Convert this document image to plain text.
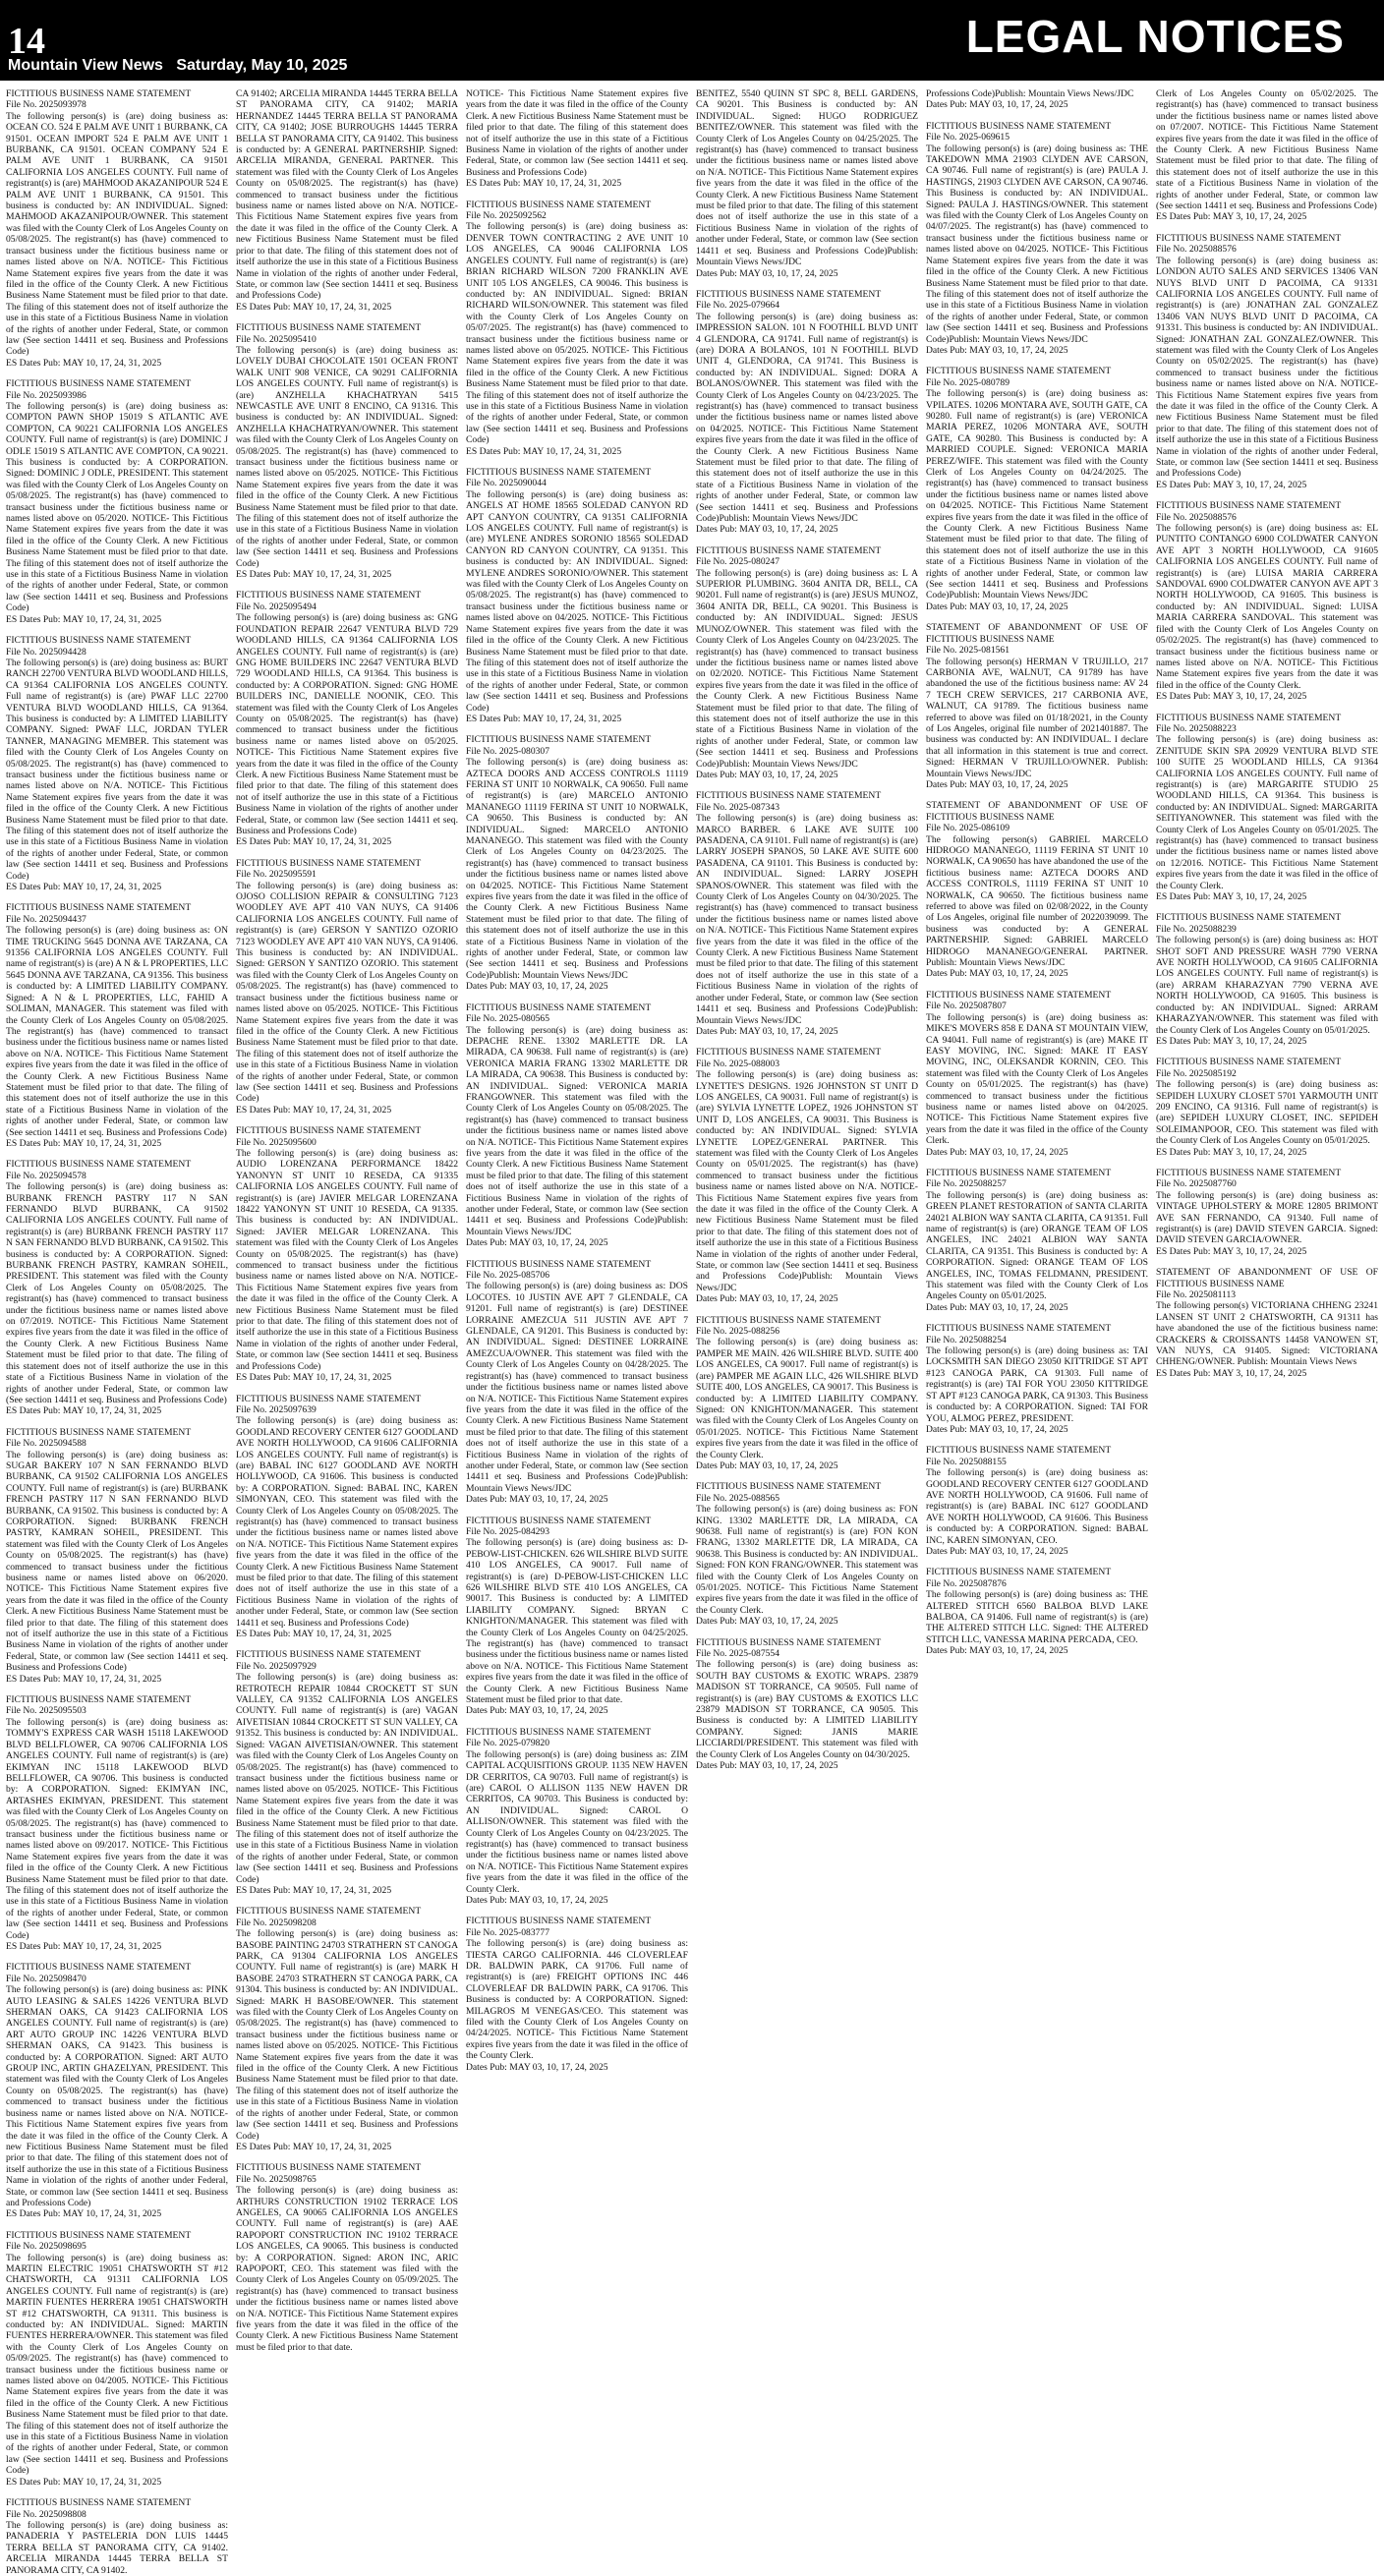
14	LEGAL NOTICES
Mountain View News Saturday, May 10, 2025

FICTITIOUS BUSINESS NAME STATEMENT

File No. 2025093978

The following person(s) is (are) doing business as: OCEAN CO. 524 E PALM AVE UNIT 1 BURBANK, CA 91501. OCEAN IMPORT 524 E PALM AVE UNIT 1 BURBANK, CA 91501. OCEAN COMPANY 524 E PALM AVE UNIT 1 BURBANK, CA 91501 CALIFORNIA LOS ANGELES COUNTY. Full name of registrant(s) is (are) MAHMOOD AKAZANIPOUR 524 E PALM AVE UNIT 1 BURBANK, CA 91501. This business is conducted by: AN INDIVIDUAL. Signed: MAHMOOD AKAZANIPOUR/OWNER. This statement was filed with the County Clerk of Los Angeles County on 05/08/2025. The registrant(s) has (have) commenced to transact business under the fictitious business name or names listed above on N/A. NOTICE- This Fictitious Name Statement expires five years from the date it was filed in the office of the County Clerk. A new Fictitious Business Name Statement must be filed prior to that date. The filing of this statement does not of itself authorize the use in this state of a Fictitious Business Name in violation of the rights of another under Federal, State, or common law (See section 14411 et seq. Business and Professions Code)

ES Dates Pub: MAY 10, 17, 24, 31, 2025

FICTITIOUS BUSINESS NAME STATEMENT

File No. 2025093986

The following person(s) is (are) doing business as: COMPTON PAWN SHOP 15019 S ATLANTIC AVE COMPTON, CA 90221 CALIFORNIA LOS ANGELES COUNTY. Full name of registrant(s) is (are) DOMINIC J ODLE 15019 S ATLANTIC AVE COMPTON, CA 90221. This business is conducted by: A CORPORATION. Signed: DOMINIC J ODLE, PRESIDENT. This statement was filed with the County Clerk of Los Angeles County on 05/08/2025. The registrant(s) has (have) commenced to transact business under the fictitious business name or names listed above on 05/2020. NOTICE- This Fictitious Name Statement expires five years from the date it was filed in the office of the County Clerk. A new Fictitious Business Name Statement must be filed prior to that date. The filing of this statement does not of itself authorize the use in this state of a Fictitious Business Name in violation of the rights of another under Federal, State, or common law (See section 14411 et seq. Business and Professions Code)

ES Dates Pub: MAY 10, 17, 24, 31, 2025

FICTITIOUS BUSINESS NAME STATEMENT

File No. 2025094428

The following person(s) is (are) doing business as: BURT RANCH 22700 VENTURA BLVD WOODLAND HILLS, CA 91364 CALIFORNIA LOS ANGELES COUNTY. Full name of registrant(s) is (are) PWAF LLC 22700 VENTURA BLVD WOODLAND HILLS, CA 91364. This business is conducted by: A LIMITED LIABILITY COMPANY. Signed: PWAF LLC, JORDAN TYLER TANNER, MANAGING MEMBER. This statement was filed with the County Clerk of Los Angeles County on 05/08/2025. The registrant(s) has (have) commenced to transact business under the fictitious business name or names listed above on N/A. NOTICE- This Fictitious Name Statement expires five years from the date it was filed in the office of the County Clerk. A new Fictitious Business Name Statement must be filed prior to that date. The filing of this statement does not of itself authorize the use in this state of a Fictitious Business Name in violation of the rights of another under Federal, State, or common law (See section 14411 et seq. Business and Professions Code)

ES Dates Pub: MAY 10, 17, 24, 31, 2025

FICTITIOUS BUSINESS NAME STATEMENT

File No. 2025094437

The following person(s) is (are) doing business as: ON TIME TRUCKING 5645 DONNA AVE TARZANA, CA 91356 CALIFORNIA LOS ANGELES COUNTY. Full name of registrant(s) is (are) A N & L PROPERTIES, LLC 5645 DONNA AVE TARZANA, CA 91356. This business is conducted by: A LIMITED LIABILITY COMPANY. Signed: A N & L PROPERTIES, LLC, FAHID A SOLIMAN, MANAGER. This statement was filed with the County Clerk of Los Angeles County on 05/08/2025. The registrant(s) has (have) commenced to transact business under the fictitious business name or names listed above on N/A. NOTICE- This Fictitious Name Statement expires five years from the date it was filed in the office of the County Clerk. A new Fictitious Business Name Statement must be filed prior to that date. The filing of this statement does not of itself authorize the use in this state of a Fictitious Business Name in violation of the rights of another under Federal, State, or common law (See section 14411 et seq. Business and Professions Code)

ES Dates Pub: MAY 10, 17, 24, 31, 2025

FICTITIOUS BUSINESS NAME STATEMENT

File No. 2025094578

The following person(s) is (are) doing business as: BURBANK FRENCH PASTRY 117 N SAN FERNANDO BLVD BURBANK, CA 91502 CALIFORNIA LOS ANGELES COUNTY. Full name of registrant(s) is (are) BURBANK FRENCH PASTRY 117 N SAN FERNANDO BLVD BURBANK, CA 91502. This business is conducted by: A CORPORATION. Signed: BURBANK FRENCH PASTRY, KAMRAN SOHEIL, PRESIDENT. This statement was filed with the County Clerk of Los Angeles County on 05/08/2025. The registrant(s) has (have) commenced to transact business under the fictitious business name or names listed above on 07/2019. NOTICE- This Fictitious Name Statement expires five years from the date it was filed in the office of the County Clerk. A new Fictitious Business Name Statement must be filed prior to that date. The filing of this statement does not of itself authorize the use in this state of a Fictitious Business Name in violation of the rights of another under Federal, State, or common law (See section 14411 et seq. Business and Professions Code)

ES Dates Pub: MAY 10, 17, 24, 31, 2025

FICTITIOUS BUSINESS NAME STATEMENT

File No. 2025094588

The following person(s) is (are) doing business as: SUGAR BAKERY 107 N SAN FERNANDO BLVD BURBANK, CA 91502 CALIFORNIA LOS ANGELES COUNTY. Full name of registrant(s) is (are) BURBANK FRENCH PASTRY 117 N SAN FERNANDO BLVD BURBANK, CA 91502. This business is conducted by: A CORPORATION. Signed: BURBANK FRENCH PASTRY, KAMRAN SOHEIL, PRESIDENT. This statement was filed with the County Clerk of Los Angeles County on 05/08/2025. The registrant(s) has (have) commenced to transact business under the fictitious business name or names listed above on 06/2020. NOTICE- This Fictitious Name Statement expires five years from the date it was filed in the office of the County Clerk. A new Fictitious Business Name Statement must be filed prior to that date. The filing of this statement does not of itself authorize the use in this state of a Fictitious Business Name in violation of the rights of another under Federal, State, or common law (See section 14411 et seq. Business and Professions Code)

ES Dates Pub: MAY 10, 17, 24, 31, 2025

FICTITIOUS BUSINESS NAME STATEMENT

File No. 2025095503

The following person(s) is (are) doing business as: TOMMY'S EXPRESS CAR WASH 15118 LAKEWOOD BLVD BELLFLOWER, CA 90706 CALIFORNIA LOS ANGELES COUNTY. Full name of registrant(s) is (are) EKIMYAN INC 15118 LAKEWOOD BLVD BELLFLOWER, CA 90706. This business is conducted by: A CORPORATION. Signed: EKIMYAN INC, ARTASHES EKIMYAN, PRESIDENT. This statement was filed with the County Clerk of Los Angeles County on 05/08/2025. The registrant(s) has (have) commenced to transact business under the fictitious business name or names listed above on 09/2017. NOTICE- This Fictitious Name Statement expires five years from the date it was filed in the office of the County Clerk. A new Fictitious Business Name Statement must be filed prior to that date. The filing of this statement does not of itself authorize the use in this state of a Fictitious Business Name in violation of the rights of another under Federal, State, or common law (See section 14411 et seq. Business and Professions Code)

ES Dates Pub: MAY 10, 17, 24, 31, 2025

FICTITIOUS BUSINESS NAME STATEMENT

File No. 2025098470

The following person(s) is (are) doing business as: PINK AUTO LEASING & SALES 14226 VENTURA BLVD SHERMAN OAKS, CA 91423 CALIFORNIA LOS ANGELES COUNTY. Full name of registrant(s) is (are) ART AUTO GROUP INC 14226 VENTURA BLVD SHERMAN OAKS, CA 91423. This business is conducted by: A CORPORATION. Signed: ART AUTO GROUP INC, ARTIN GHAZELYAN, PRESIDENT. This statement was filed with the County Clerk of Los Angeles County on 05/08/2025. The registrant(s) has (have) commenced to transact business under the fictitious business name or names listed above on N/A. NOTICE- This Fictitious Name Statement expires five years from the date it was filed in the office of the County Clerk. A new Fictitious Business Name Statement must be filed prior to that date. The filing of this statement does not of itself authorize the use in this state of a Fictitious Business Name in violation of the rights of another under Federal, State, or common law (See section 14411 et seq. Business and Professions Code)

ES Dates Pub: MAY 10, 17, 24, 31, 2025

FICTITIOUS BUSINESS NAME STATEMENT

File No. 2025098695

The following person(s) is (are) doing business as: MARTIN ELECTRIC 19051 CHATSWORTH ST #12 CHATSWORTH, CA 91311 CALIFORNIA LOS ANGELES COUNTY. Full name of registrant(s) is (are) MARTIN FUENTES HERRERA 19051 CHATSWORTH ST #12 CHATSWORTH, CA 91311. This business is conducted by: AN INDIVIDUAL. Signed: MARTIN FUENTES HERRERA/OWNER. This statement was filed with the County Clerk of Los Angeles County on 05/09/2025. The registrant(s) has (have) commenced to transact business under the fictitious business name or names listed above on 04/2005. NOTICE- This Fictitious Name Statement expires five years from the date it was filed in the office of the County Clerk. A new Fictitious Business Name Statement must be filed prior to that date. The filing of this statement does not of itself authorize the use in this state of a Fictitious Business Name in violation of the rights of another under Federal, State, or common law (See section 14411 et seq. Business and Professions Code)

ES Dates Pub: MAY 10, 17, 24, 31, 2025

FICTITIOUS BUSINESS NAME STATEMENT

File No. 2025098808

The following person(s) is (are) doing business as: PANADERIA Y PASTELERIA DON LUIS 14445 TERRA BELLA ST PANORAMA CITY, CA 91402. ARCELIA MIRANDA 14445 TERRA BELLA ST PANORAMA CITY, CA 91402.

CA 91402; ARCELIA MIRANDA 14445 TERRA BELLA ST PANORAMA CITY, CA 91402; MARIA HERNANDEZ 14445 TERRA BELLA ST PANORAMA CITY, CA 91402; JOSE BURROUGHS 14445 TERRA BELLA ST PANORAMA CITY, CA 91402. This business is conducted by: A GENERAL PARTNERSHIP. Signed: ARCELIA MIRANDA, GENERAL PARTNER. This statement was filed with the County Clerk of Los Angeles County on 05/08/2025. The registrant(s) has (have) commenced to transact business under the fictitious business name or names listed above on N/A. NOTICE- This Fictitious Name Statement expires five years from the date it was filed in the office of the County Clerk. A new Fictitious Business Name Statement must be filed prior to that date. The filing of this statement does not of itself authorize the use in this state of a Fictitious Business Name in violation of the rights of another under Federal, State, or common law (See section 14411 et seq. Business and Professions Code)

ES Dates Pub: MAY 10, 17, 24, 31, 2025

FICTITIOUS BUSINESS NAME STATEMENT

File No. 2025095410

The following person(s) is (are) doing business as: LOVELY DUBAI CHOCOLATE 1501 OCEAN FRONT WALK UNIT 908 VENICE, CA 90291 CALIFORNIA LOS ANGELES COUNTY. Full name of registrant(s) is (are) ANZHELLA KHACHATRYAN 5415 NEWCASTLE AVE UNIT 8 ENCINO, CA 91316. This business is conducted by: AN INDIVIDUAL. Signed: ANZHELLA KHACHATRYAN/OWNER. This statement was filed with the County Clerk of Los Angeles County on 05/08/2025. The registrant(s) has (have) commenced to transact business under the fictitious business name or names listed above on 05/2025. NOTICE- This Fictitious Name Statement expires five years from the date it was filed in the office of the County Clerk. A new Fictitious Business Name Statement must be filed prior to that date. The filing of this statement does not of itself authorize the use in this state of a Fictitious Business Name in violation of the rights of another under Federal, State, or common law (See section 14411 et seq. Business and Professions Code)

ES Dates Pub: MAY 10, 17, 24, 31, 2025

FICTITIOUS BUSINESS NAME STATEMENT

File No. 2025095494

The following person(s) is (are) doing business as: GNG FOUNDATION REPAIR 22647 VENTURA BLVD 729 WOODLAND HILLS, CA 91364 CALIFORNIA LOS ANGELES COUNTY. Full name of registrant(s) is (are) GNG HOME BUILDERS INC 22647 VENTURA BLVD 729 WOODLAND HILLS, CA 91364. This business is conducted by: A CORPORATION. Signed: GNG HOME BUILDERS INC, DANIELLE NOONIK, CEO. This statement was filed with the County Clerk of Los Angeles County on 05/08/2025. The registrant(s) has (have) commenced to transact business under the fictitious business name or names listed above on 05/2025. NOTICE- This Fictitious Name Statement expires five years from the date it was filed in the office of the County Clerk. A new Fictitious Business Name Statement must be filed prior to that date. The filing of this statement does not of itself authorize the use in this state of a Fictitious Business Name in violation of the rights of another under Federal, State, or common law (See section 14411 et seq. Business and Professions Code)

ES Dates Pub: MAY 10, 17, 24, 31, 2025

FICTITIOUS BUSINESS NAME STATEMENT

File No. 2025095591

The following person(s) is (are) doing business as: OJOSO COLLISION REPAIR & CONSULTING 7123 WOODLEY AVE APT 410 VAN NUYS, CA 91406 CALIFORNIA LOS ANGELES COUNTY. Full name of registrant(s) is (are) GERSON Y SANTIZO OZORIO 7123 WOODLEY AVE APT 410 VAN NUYS, CA 91406. This business is conducted by: AN INDIVIDUAL. Signed: GERSON Y SANTIZO OZORIO. This statement was filed with the County Clerk of Los Angeles County on 05/08/2025. The registrant(s) has (have) commenced to transact business under the fictitious business name or names listed above on 05/2025. NOTICE- This Fictitious Name Statement expires five years from the date it was filed in the office of the County Clerk. A new Fictitious Business Name Statement must be filed prior to that date. The filing of this statement does not of itself authorize the use in this state of a Fictitious Business Name in violation of the rights of another under Federal, State, or common law (See section 14411 et seq. Business and Professions Code)

ES Dates Pub: MAY 10, 17, 24, 31, 2025

FICTITIOUS BUSINESS NAME STATEMENT

File No. 2025095600

The following person(s) is (are) doing business as: AUDIO LORENZANA PERFORMANCE 18422 YANONYN ST UNIT 10 RESEDA, CA 91335 CALIFORNIA LOS ANGELES COUNTY. Full name of registrant(s) is (are) JAVIER MELGAR LORENZANA 18422 YANONYN ST UNIT 10 RESEDA, CA 91335. This business is conducted by: AN INDIVIDUAL. Signed: JAVIER MELGAR LORENZANA. This statement was filed with the County Clerk of Los Angeles County on 05/08/2025. The registrant(s) has (have) commenced to transact business under the fictitious business name or names listed above on N/A. NOTICE- This Fictitious Name Statement expires five years from the date it was filed in the office of the County Clerk. A new Fictitious Business Name Statement must be filed prior to that date. The filing of this statement does not of itself authorize the use in this state of a Fictitious Business Name in violation of the rights of another under Federal, State, or common law (See section 14411 et seq. Business and Professions Code)

ES Dates Pub: MAY 10, 17, 24, 31, 2025

FICTITIOUS BUSINESS NAME STATEMENT

File No. 2025097639

The following person(s) is (are) doing business as: GOODLAND RECOVERY CENTER 6127 GOODLAND AVE NORTH HOLLYWOOD, CA 91606 CALIFORNIA LOS ANGELES COUNTY. Full name of registrant(s) is (are) BABAL INC 6127 GOODLAND AVE NORTH HOLLYWOOD, CA 91606. This business is conducted by: A CORPORATION. Signed: BABAL INC, KAREN SIMONYAN, CEO. This statement was filed with the County Clerk of Los Angeles County on 05/08/2025. The registrant(s) has (have) commenced to transact business under the fictitious business name or names listed above on N/A. NOTICE- This Fictitious Name Statement expires five years from the date it was filed in the office of the County Clerk. A new Fictitious Business Name Statement must be filed prior to that date. The filing of this statement does not of itself authorize the use in this state of a Fictitious Business Name in violation of the rights of another under Federal, State, or common law (See section 14411 et seq. Business and Professions Code)

ES Dates Pub: MAY 10, 17, 24, 31, 2025

FICTITIOUS BUSINESS NAME STATEMENT

File No. 2025097929

The following person(s) is (are) doing business as: RETROTECH REPAIR 10844 CROCKETT ST SUN VALLEY, CA 91352 CALIFORNIA LOS ANGELES COUNTY. Full name of registrant(s) is (are) VAGAN AIVETISIAN 10844 CROCKETT ST SUN VALLEY, CA 91352. This business is conducted by: AN INDIVIDUAL. Signed: VAGAN AIVETISIAN/OWNER. This statement was filed with the County Clerk of Los Angeles County on 05/08/2025. The registrant(s) has (have) commenced to transact business under the fictitious business name or names listed above on 05/2025. NOTICE- This Fictitious Name Statement expires five years from the date it was filed in the office of the County Clerk. A new Fictitious Business Name Statement must be filed prior to that date. The filing of this statement does not of itself authorize the use in this state of a Fictitious Business Name in violation of the rights of another under Federal, State, or common law (See section 14411 et seq. Business and Professions Code)

ES Dates Pub: MAY 10, 17, 24, 31, 2025

FICTITIOUS BUSINESS NAME STATEMENT

File No. 2025098208

The following person(s) is (are) doing business as: BASOBE PAINTING 24703 STRATHERN ST CANOGA PARK, CA 91304 CALIFORNIA LOS ANGELES COUNTY. Full name of registrant(s) is (are) MARK H BASOBE 24703 STRATHERN ST CANOGA PARK, CA 91304. This business is conducted by: AN INDIVIDUAL. Signed: MARK H BASOBE/OWNER. This statement was filed with the County Clerk of Los Angeles County on 05/08/2025. The registrant(s) has (have) commenced to transact business under the fictitious business name or names listed above on 05/2025. NOTICE- This Fictitious Name Statement expires five years from the date it was filed in the office of the County Clerk. A new Fictitious Business Name Statement must be filed prior to that date. The filing of this statement does not of itself authorize the use in this state of a Fictitious Business Name in violation of the rights of another under Federal, State, or common law (See section 14411 et seq. Business and Professions Code)

ES Dates Pub: MAY 10, 17, 24, 31, 2025

FICTITIOUS BUSINESS NAME STATEMENT

File No. 2025098765

The following person(s) is (are) doing business as: ARTHURS CONSTRUCTION 19102 TERRACE LOS ANGELES, CA 90065 CALIFORNIA LOS ANGELES COUNTY. Full name of registrant(s) is (are) AAE RAPOPORT CONSTRUCTION INC 19102 TERRACE LOS ANGELES, CA 90065. This business is conducted by: A CORPORATION. Signed: ARON INC, ARIC RAPOPORT, CEO. This statement was filed with the County Clerk of Los Angeles County on 05/09/2025. The registrant(s) has (have) commenced to transact business under the fictitious business name or names listed above on N/A. NOTICE- This Fictitious Name Statement expires five years from the date it was filed in the office of the County Clerk. A new Fictitious Business Name Statement must be filed prior to that date.

NOTICE- This Fictitious Name Statement expires five years from the date it was filed in the office of the County Clerk. A new Fictitious Business Name Statement must be filed prior to that date. The filing of this statement does not of itself authorize the use in this state of a Fictitious Business Name in violation of the rights of another under Federal, State, or common law (See section 14411 et seq. Business and Professions Code)

ES Dates Pub: MAY 10, 17, 24, 31, 2025

FICTITIOUS BUSINESS NAME STATEMENT

File No. 2025092562

The following person(s) is (are) doing business as: DENVER TOWN CONTRACTING 2 AVE UNIT 10 LOS ANGELES, CA 90046 CALIFORNIA LOS ANGELES COUNTY. Full name of registrant(s) is (are) BRIAN RICHARD WILSON 7200 FRANKLIN AVE UNIT 105 LOS ANGELES, CA 90046. This business is conducted by: AN INDIVIDUAL. Signed: BRIAN RICHARD WILSON/OWNER. This statement was filed with the County Clerk of Los Angeles County on 05/07/2025. The registrant(s) has (have) commenced to transact business under the fictitious business name or names listed above on 05/2025. NOTICE- This Fictitious Name Statement expires five years from the date it was filed in the office of the County Clerk. A new Fictitious Business Name Statement must be filed prior to that date. The filing of this statement does not of itself authorize the use in this state of a Fictitious Business Name in violation of the rights of another under Federal, State, or common law (See section 14411 et seq. Business and Professions Code)

ES Dates Pub: MAY 10, 17, 24, 31, 2025

FICTITIOUS BUSINESS NAME STATEMENT

File No. 2025090044

The following person(s) is (are) doing business as: ANGELS AT HOME 18565 SOLEDAD CANYON RD APT CANYON COUNTRY, CA 91351 CALIFORNIA LOS ANGELES COUNTY. Full name of registrant(s) is (are) MYLENE ANDRES SORONIO 18565 SOLEDAD CANYON RD CANYON COUNTRY, CA 91351. This business is conducted by: AN INDIVIDUAL. Signed: MYLENE ANDRES SORONIO/OWNER. This statement was filed with the County Clerk of Los Angeles County on 05/08/2025. The registrant(s) has (have) commenced to transact business under the fictitious business name or names listed above on 04/2025. NOTICE- This Fictitious Name Statement expires five years from the date it was filed in the office of the County Clerk. A new Fictitious Business Name Statement must be filed prior to that date. The filing of this statement does not of itself authorize the use in this state of a Fictitious Business Name in violation of the rights of another under Federal, State, or common law (See section 14411 et seq. Business and Professions Code)

ES Dates Pub: MAY 10, 17, 24, 31, 2025

FICTITIOUS BUSINESS NAME STATEMENT

File No. 2025-080307

The following person(s) is (are) doing business as: AZTECA DOORS AND ACCESS CONTROLS 11119 FERINA ST UNIT 10 NORWALK, CA 90650. Full name of registrant(s) is (are) MARCELO ANTONIO MANANEGO 11119 FERINA ST UNIT 10 NORWALK, CA 90650. This Business is conducted by: AN INDIVIDUAL. Signed: MARCELO ANTONIO MANANEGO. This statement was filed with the County Clerk of Los Angeles County on 04/23/2025. The registrant(s) has (have) commenced to transact business under the fictitious business name or names listed above on 04/2025. NOTICE- This Fictitious Name Statement expires five years from the date it was filed in the office of the County Clerk. A new Fictitious Business Name Statement must be filed prior to that date. The filing of this statement does not of itself authorize the use in this state of a Fictitious Business Name in violation of the rights of another under Federal, State, or common law (See section 14411 et seq. Business and Professions Code)Publish: Mountain Views News/JDC

Dates Pub: MAY 03, 10, 17, 24, 2025

FICTITIOUS BUSINESS NAME STATEMENT

File No. 2025-080565

The following person(s) is (are) doing business as: DEPACHE RENE. 13302 MARLETTE DR. LA MIRADA, CA 90638. Full name of registrant(s) is (are) VERONICA MARIA FRANG 13302 MARLETTE DR LA MIRADA, CA 90638. This Business is conducted by: AN INDIVIDUAL. Signed: VERONICA MARIA FRANGOWNER. This statement was filed with the County Clerk of Los Angeles County on 05/08/2025. The registrant(s) has (have) commenced to transact business under the fictitious business name or names listed above on N/A. NOTICE- This Fictitious Name Statement expires five years from the date it was filed in the office of the County Clerk. A new Fictitious Business Name Statement must be filed prior to that date. The filing of this statement does not of itself authorize the use in this state of a Fictitious Business Name in violation of the rights of another under Federal, State, or common law (See section 14411 et seq. Business and Professions Code)Publish: Mountain Views News/JDC

Dates Pub: MAY 03, 10, 17, 24, 2025

FICTITIOUS BUSINESS NAME STATEMENT

File No. 2025-085706

The following person(s) is (are) doing business as: DOS LOCOTES. 10 JUSTIN AVE APT 7 GLENDALE, CA 91201. Full name of registrant(s) is (are) DESTINEE LORRAINE AMEZCUA 511 JUSTIN AVE APT 7 GLENDALE, CA 91201. This Business is conducted by: AN INDIVIDUAL. Signed: DESTINEE LORRAINE AMEZCUA/OWNER. This statement was filed with the County Clerk of Los Angeles County on 04/28/2025. The registrant(s) has (have) commenced to transact business under the fictitious business name or names listed above on N/A. NOTICE- This Fictitious Name Statement expires five years from the date it was filed in the office of the County Clerk. A new Fictitious Business Name Statement must be filed prior to that date. The filing of this statement does not of itself authorize the use in this state of a Fictitious Business Name in violation of the rights of another under Federal, State, or common law (See section 14411 et seq. Business and Professions Code)Publish: Mountain Views News/JDC

Dates Pub: MAY 03, 10, 17, 24, 2025

FICTITIOUS BUSINESS NAME STATEMENT

File No. 2025-084293

The following person(s) is (are) doing business as: D-PEBOW-LIST-CHICKEN. 626 WILSHIRE BLVD SUITE 410 LOS ANGELES, CA 90017. Full name of registrant(s) is (are) D-PEBOW-LIST-CHICKEN LLC 626 WILSHIRE BLVD STE 410 LOS ANGELES, CA 90017. This Business is conducted by: A LIMITED LIABILITY COMPANY. Signed: BRYAN C KNIGHTON/MANAGER. This statement was filed with the County Clerk of Los Angeles County on 04/25/2025. The registrant(s) has (have) commenced to transact business under the fictitious business name or names listed above on N/A. NOTICE- This Fictitious Name Statement expires five years from the date it was filed in the office of the County Clerk. A new Fictitious Business Name Statement must be filed prior to that date.

Dates Pub: MAY 03, 10, 17, 24, 2025

FICTITIOUS BUSINESS NAME STATEMENT

File No. 2025-079820

The following person(s) is (are) doing business as: ZIM CAPITAL ACQUISITIONS GROUP. 1135 NEW HAVEN DR CERRITOS, CA 90703. Full name of registrant(s) is (are) CAROL O ALLISON 1135 NEW HAVEN DR CERRITOS, CA 90703. This Business is conducted by: AN INDIVIDUAL. Signed: CAROL O ALLISON/OWNER. This statement was filed with the County Clerk of Los Angeles County on 04/23/2025. The registrant(s) has (have) commenced to transact business under the fictitious business name or names listed above on N/A. NOTICE- This Fictitious Name Statement expires five years from the date it was filed in the office of the County Clerk.

Dates Pub: MAY 03, 10, 17, 24, 2025

FICTITIOUS BUSINESS NAME STATEMENT

File No. 2025-083777

The following person(s) is (are) doing business as: TIESTA CARGO CALIFORNIA. 446 CLOVERLEAF DR. BALDWIN PARK, CA 91706. Full name of registrant(s) is (are) FREIGHT OPTIONS INC 446 CLOVERLEAF DR BALDWIN PARK, CA 91706. This Business is conducted by: A CORPORATION. Signed: MILAGROS M VENEGAS/CEO. This statement was filed with the County Clerk of Los Angeles County on 04/24/2025. NOTICE- This Fictitious Name Statement expires five years from the date it was filed in the office of the County Clerk.

Dates Pub: MAY 03, 10, 17, 24, 2025

BENITEZ, 5540 QUINN ST SPC 8, BELL GARDENS, CA 90201. This Business is conducted by: AN INDIVIDUAL. Signed: HUGO RODRIGUEZ BENITEZ/OWNER. This statement was filed with the County Clerk of Los Angeles County on 04/25/2025. The registrant(s) has (have) commenced to transact business under the fictitious business name or names listed above on N/A. NOTICE- This Fictitious Name Statement expires five years from the date it was filed in the office of the County Clerk. A new Fictitious Business Name Statement must be filed prior to that date. The filing of this statement does not of itself authorize the use in this state of a Fictitious Business Name in violation of the rights of another under Federal, State, or common law (See section 14411 et seq. Business and Professions Code)Publish: Mountain Views News/JDC

Dates Pub: MAY 03, 10, 17, 24, 2025

FICTITIOUS BUSINESS NAME STATEMENT

File No. 2025-079664

The following person(s) is (are) doing business as: IMPRESSION SALON. 101 N FOOTHILL BLVD UNIT 4 GLENDORA, CA 91741. Full name of registrant(s) is (are) DORA A BOLANOS, 101 N FOOTHILL BLVD UNIT 4, GLENDORA, CA 91741. This Business is conducted by: AN INDIVIDUAL. Signed: DORA A BOLANOS/OWNER. This statement was filed with the County Clerk of Los Angeles County on 04/23/2025. The registrant(s) has (have) commenced to transact business under the fictitious business name or names listed above on 04/2025. NOTICE- This Fictitious Name Statement expires five years from the date it was filed in the office of the County Clerk. A new Fictitious Business Name Statement must be filed prior to that date. The filing of this statement does not of itself authorize the use in this state of a Fictitious Business Name in violation of the rights of another under Federal, State, or common law (See section 14411 et seq. Business and Professions Code)Publish: Mountain Views News/JDC

Dates Pub: MAY 03, 10, 17, 24, 2025

FICTITIOUS BUSINESS NAME STATEMENT

File No. 2025-080247

The following person(s) is (are) doing business as: L A SUPERIOR PLUMBING. 3604 ANITA DR, BELL, CA 90201. Full name of registrant(s) is (are) JESUS MUNOZ, 3604 ANITA DR, BELL, CA 90201. This Business is conducted by: AN INDIVIDUAL. Signed: JESUS MUNOZ/OWNER. This statement was filed with the County Clerk of Los Angeles County on 04/23/2025. The registrant(s) has (have) commenced to transact business under the fictitious business name or names listed above on 02/2020. NOTICE- This Fictitious Name Statement expires five years from the date it was filed in the office of the County Clerk. A new Fictitious Business Name Statement must be filed prior to that date. The filing of this statement does not of itself authorize the use in this state of a Fictitious Business Name in violation of the rights of another under Federal, State, or common law (See section 14411 et seq. Business and Professions Code)Publish: Mountain Views News/JDC

Dates Pub: MAY 03, 10, 17, 24, 2025

FICTITIOUS BUSINESS NAME STATEMENT

File No. 2025-087343

The following person(s) is (are) doing business as: MARCO BARBER. 6 LAKE AVE SUITE 100 PASADENA, CA 91101. Full name of registrant(s) is (are) LARRY JOSEPH SPANOS, 50 LAKE AVE SUITE 600 PASADENA, CA 91101. This Business is conducted by: AN INDIVIDUAL. Signed: LARRY JOSEPH SPANOS/OWNER. This statement was filed with the County Clerk of Los Angeles County on 04/30/2025. The registrant(s) has (have) commenced to transact business under the fictitious business name or names listed above on N/A. NOTICE- This Fictitious Name Statement expires five years from the date it was filed in the office of the County Clerk. A new Fictitious Business Name Statement must be filed prior to that date. The filing of this statement does not of itself authorize the use in this state of a Fictitious Business Name in violation of the rights of another under Federal, State, or common law (See section 14411 et seq. Business and Professions Code)Publish: Mountain Views News/JDC

Dates Pub: MAY 03, 10, 17, 24, 2025

FICTITIOUS BUSINESS NAME STATEMENT

File No. 2025-088003

The following person(s) is (are) doing business as: LYNETTE'S DESIGNS. 1926 JOHNSTON ST UNIT D LOS ANGELES, CA 90031. Full name of registrant(s) is (are) SYLVIA LYNETTE LOPEZ, 1926 JOHNSTON ST UNIT D, LOS ANGELES, CA 90031. This Business is conducted by: AN INDIVIDUAL. Signed: SYLVIA LYNETTE LOPEZ/GENERAL PARTNER. This statement was filed with the County Clerk of Los Angeles County on 05/01/2025. The registrant(s) has (have) commenced to transact business under the fictitious business name or names listed above on N/A. NOTICE- This Fictitious Name Statement expires five years from the date it was filed in the office of the County Clerk. A new Fictitious Business Name Statement must be filed prior to that date. The filing of this statement does not of itself authorize the use in this state of a Fictitious Business Name in violation of the rights of another under Federal, State, or common law (See section 14411 et seq. Business and Professions Code)Publish: Mountain Views News/JDC

Dates Pub: MAY 03, 10, 17, 24, 2025

FICTITIOUS BUSINESS NAME STATEMENT

File No. 2025-088256

The following person(s) is (are) doing business as: PAMPER ME MAIN. 426 WILSHIRE BLVD. SUITE 400 LOS ANGELES, CA 90017. Full name of registrant(s) is (are) PAMPER ME AGAIN LLC, 426 WILSHIRE BLVD SUITE 400, LOS ANGELES, CA 90017. This Business is conducted by: A LIMITED LIABILITY COMPANY. Signed: ON KNIGHTON/MANAGER. This statement was filed with the County Clerk of Los Angeles County on 05/01/2025. NOTICE- This Fictitious Name Statement expires five years from the date it was filed in the office of the County Clerk.

Dates Pub: MAY 03, 10, 17, 24, 2025

FICTITIOUS BUSINESS NAME STATEMENT

File No. 2025-088565

The following person(s) is (are) doing business as: FON KING. 13302 MARLETTE DR, LA MIRADA, CA 90638. Full name of registrant(s) is (are) FON KON FRANG, 13302 MARLETTE DR, LA MIRADA, CA 90638. This Business is conducted by: AN INDIVIDUAL. Signed: FON KON FRANG/OWNER. This statement was filed with the County Clerk of Los Angeles County on 05/01/2025. NOTICE- This Fictitious Name Statement expires five years from the date it was filed in the office of the County Clerk.

Dates Pub: MAY 03, 10, 17, 24, 2025

FICTITIOUS BUSINESS NAME STATEMENT

File No. 2025-087554

The following person(s) is (are) doing business as: SOUTH BAY CUSTOMS & EXOTIC WRAPS. 23879 MADISON ST TORRANCE, CA 90505. Full name of registrant(s) is (are) BAY CUSTOMS & EXOTICS LLC 23879 MADISON ST TORRANCE, CA 90505. This Business is conducted by: A LIMITED LIABILITY COMPANY. Signed: JANIS MARIE LICCIARDI/PRESIDENT. This statement was filed with the County Clerk of Los Angeles County on 04/30/2025.

Dates Pub: MAY 03, 10, 17, 24, 2025

Professions Code)Publish: Mountain Views News/JDC

Dates Pub: MAY 03, 10, 17, 24, 2025

FICTITIOUS BUSINESS NAME STATEMENT

File No. 2025-069615

The following person(s) is (are) doing business as: THE TAKEDOWN MMA 21903 CLYDEN AVE CARSON, CA 90746. Full name of registrant(s) is (are) PAULA J. HASTINGS, 21903 CLYDEN AVE CARSON, CA 90746. This Business is conducted by: AN INDIVIDUAL. Signed: PAULA J. HASTINGS/OWNER. This statement was filed with the County Clerk of Los Angeles County on 04/07/2025. The registrant(s) has (have) commenced to transact business under the fictitious business name or names listed above on 04/2025. NOTICE- This Fictitious Name Statement expires five years from the date it was filed in the office of the County Clerk. A new Fictitious Business Name Statement must be filed prior to that date. The filing of this statement does not of itself authorize the use in this state of a Fictitious Business Name in violation of the rights of another under Federal, State, or common law (See section 14411 et seq. Business and Professions Code)Publish: Mountain Views News/JDC

Dates Pub: MAY 03, 10, 17, 24, 2025

FICTITIOUS BUSINESS NAME STATEMENT

File No. 2025-080789

The following person(s) is (are) doing business as: VPILATES. 10206 MONTARA AVE, SOUTH GATE, CA 90280. Full name of registrant(s) is (are) VERONICA MARIA PEREZ, 10206 MONTARA AVE, SOUTH GATE, CA 90280. This Business is conducted by: A MARRIED COUPLE. Signed: VERONICA MARIA PEREZ/WIFE. This statement was filed with the County Clerk of Los Angeles County on 04/24/2025. The registrant(s) has (have) commenced to transact business under the fictitious business name or names listed above on 04/2025. NOTICE- This Fictitious Name Statement expires five years from the date it was filed in the office of the County Clerk. A new Fictitious Business Name Statement must be filed prior to that date. The filing of this statement does not of itself authorize the use in this state of a Fictitious Business Name in violation of the rights of another under Federal, State, or common law (See section 14411 et seq. Business and Professions Code)Publish: Mountain Views News/JDC

Dates Pub: MAY 03, 10, 17, 24, 2025

STATEMENT OF ABANDONMENT OF USE OF FICTITIOUS BUSINESS NAME

File No. 2025-081561

The following person(s) HERMAN V TRUJILLO, 217 CARBONIA AVE, WALNUT, CA 91789 has have abandoned the use of the fictitious business name: AV 24 7 TECH CREW SERVICES, 217 CARBONIA AVE, WALNUT, CA 91789. The fictitious business name referred to above was filed on 01/18/2021, in the County of Los Angeles, original file number of 2021401887. The business was conducted by: AN INDIVIDUAL. I declare that all information in this statement is true and correct. Signed: HERMAN V TRUJILLO/OWNER. Publish: Mountain Views News/JDC

Dates Pub: MAY 03, 10, 17, 24, 2025

STATEMENT OF ABANDONMENT OF USE OF FICTITIOUS BUSINESS NAME

File No. 2025-086109

The following person(s) GABRIEL MARCELO HIDROGO MANANEGO, 11119 FERINA ST UNIT 10 NORWALK, CA 90650 has have abandoned the use of the fictitious business name: AZTECA DOORS AND ACCESS CONTROLS, 11119 FERINA ST UNIT 10 NORWALK, CA 90650. The fictitious business name referred to above was filed on 02/08/2022, in the County of Los Angeles, original file number of 2022039099. The business was conducted by: A GENERAL PARTNERSHIP. Signed: GABRIEL MARCELO HIDROGO MANANEGO/GENERAL PARTNER. Publish: Mountain Views News/JDC

Dates Pub: MAY 03, 10, 17, 24, 2025

FICTITIOUS BUSINESS NAME STATEMENT

File No. 2025087807

The following person(s) is (are) doing business as: MIKE'S MOVERS 858 E DANA ST MOUNTAIN VIEW, CA 94041. Full name of registrant(s) is (are) MAKE IT EASY MOVING, INC. Signed: MAKE IT EASY MOVING, INC, OLEKSANDR KORNIN, CEO. This statement was filed with the County Clerk of Los Angeles County on 05/01/2025. The registrant(s) has (have) commenced to transact business under the fictitious business name or names listed above on 04/2025. NOTICE- This Fictitious Name Statement expires five years from the date it was filed in the office of the County Clerk.

Dates Pub: MAY 03, 10, 17, 24, 2025

FICTITIOUS BUSINESS NAME STATEMENT

File No. 2025088257

The following person(s) is (are) doing business as: GREEN PLANET RESTORATION of SANTA CLARITA 24021 ALBION WAY SANTA CLARITA, CA 91351. Full name of registrant(s) is (are) ORANGE TEAM OF LOS ANGELES, INC 24021 ALBION WAY SANTA CLARITA, CA 91351. This Business is conducted by: A CORPORATION. Signed: ORANGE TEAM OF LOS ANGELES, INC, TOMAS FELDMANN, PRESIDENT. This statement was filed with the County Clerk of Los Angeles County on 05/01/2025.

Dates Pub: MAY 03, 10, 17, 24, 2025

FICTITIOUS BUSINESS NAME STATEMENT

File No. 2025088254

The following person(s) is (are) doing business as: TAI LOCKSMITH SAN DIEGO 23050 KITTRIDGE ST APT #123 CANOGA PARK, CA 91303. Full name of registrant(s) is (are) TAI FOR YOU 23050 KITTRIDGE ST APT #123 CANOGA PARK, CA 91303. This Business is conducted by: A CORPORATION. Signed: TAI FOR YOU, ALMOG PEREZ, PRESIDENT.

Dates Pub: MAY 03, 10, 17, 24, 2025

FICTITIOUS BUSINESS NAME STATEMENT

File No. 2025088155

The following person(s) is (are) doing business as: GOODLAND RECOVERY CENTER 6127 GOODLAND AVE NORTH HOLLYWOOD, CA 91606. Full name of registrant(s) is (are) BABAL INC 6127 GOODLAND AVE NORTH HOLLYWOOD, CA 91606. This Business is conducted by: A CORPORATION. Signed: BABAL INC, KAREN SIMONYAN, CEO.

Dates Pub: MAY 03, 10, 17, 24, 2025

FICTITIOUS BUSINESS NAME STATEMENT

File No. 2025087876

The following person(s) is (are) doing business as: THE ALTERED STITCH 6560 BALBOA BLVD LAKE BALBOA, CA 91406. Full name of registrant(s) is (are) THE ALTERED STITCH LLC. Signed: THE ALTERED STITCH LLC, VANESSA MARINA PERCADA, CEO.

Dates Pub: MAY 03, 10, 17, 24, 2025

Clerk of Los Angeles County on 05/02/2025. The registrant(s) has (have) commenced to transact business under the fictitious business name or names listed above on 07/2007. NOTICE- This Fictitious Name Statement expires five years from the date it was filed in the office of the County Clerk. A new Fictitious Business Name Statement must be filed prior to that date. The filing of this statement does not of itself authorize the use in this state of a Fictitious Business Name in violation of the rights of another under Federal, State, or common law (See section 14411 et seq. Business and Professions Code)

ES Dates Pub: MAY 3, 10, 17, 24, 2025

FICTITIOUS BUSINESS NAME STATEMENT

File No. 2025088576

The following person(s) is (are) doing business as: LONDON AUTO SALES AND SERVICES 13406 VAN NUYS BLVD UNIT D PACOIMA, CA 91331 CALIFORNIA LOS ANGELES COUNTY. Full name of registrant(s) is (are) JONATHAN ZAL GONZALEZ 13406 VAN NUYS BLVD UNIT D PACOIMA, CA 91331. This business is conducted by: AN INDIVIDUAL. Signed: JONATHAN ZAL GONZALEZ/OWNER. This statement was filed with the County Clerk of Los Angeles County on 05/02/2025. The registrant(s) has (have) commenced to transact business under the fictitious business name or names listed above on N/A. NOTICE- This Fictitious Name Statement expires five years from the date it was filed in the office of the County Clerk. A new Fictitious Business Name Statement must be filed prior to that date. The filing of this statement does not of itself authorize the use in this state of a Fictitious Business Name in violation of the rights of another under Federal, State, or common law (See section 14411 et seq. Business and Professions Code)

ES Dates Pub: MAY 3, 10, 17, 24, 2025

FICTITIOUS BUSINESS NAME STATEMENT

File No. 2025088576

The following person(s) is (are) doing business as: EL PUNTITO CONTANGO 6900 COLDWATER CANYON AVE APT 3 NORTH HOLLYWOOD, CA 91605 CALIFORNIA LOS ANGELES COUNTY. Full name of registrant(s) is (are) LUISA MARIA CARRERA SANDOVAL 6900 COLDWATER CANYON AVE APT 3 NORTH HOLLYWOOD, CA 91605. This business is conducted by: AN INDIVIDUAL. Signed: LUISA MARIA CARRERA SANDOVAL. This statement was filed with the County Clerk of Los Angeles County on 05/02/2025. The registrant(s) has (have) commenced to transact business under the fictitious business name or names listed above on N/A. NOTICE- This Fictitious Name Statement expires five years from the date it was filed in the office of the County Clerk.

ES Dates Pub: MAY 3, 10, 17, 24, 2025

FICTITIOUS BUSINESS NAME STATEMENT

File No. 2025088223

The following person(s) is (are) doing business as: ZENITUDE SKIN SPA 20929 VENTURA BLVD STE 100 SUITE 25 WOODLAND HILLS, CA 91364 CALIFORNIA LOS ANGELES COUNTY. Full name of registrant(s) is (are) MARGARITE STUDIO 25 WOODLAND HILLS, CA 91364. This business is conducted by: AN INDIVIDUAL. Signed: MARGARITA SEITIYANOWNER. This statement was filed with the County Clerk of Los Angeles County on 05/01/2025. The registrant(s) has (have) commenced to transact business under the fictitious business name or names listed above on 12/2016. NOTICE- This Fictitious Name Statement expires five years from the date it was filed in the office of the County Clerk.

ES Dates Pub: MAY 3, 10, 17, 24, 2025

FICTITIOUS BUSINESS NAME STATEMENT

File No. 2025088239

The following person(s) is (are) doing business as: HOT SHOT SOFT AND PRESSURE WASH 7790 VERNA AVE NORTH HOLLYWOOD, CA 91605 CALIFORNIA LOS ANGELES COUNTY. Full name of registrant(s) is (are) ARRAM KHARAZYAN 7790 VERNA AVE NORTH HOLLYWOOD, CA 91605. This business is conducted by: AN INDIVIDUAL. Signed: ARRAM KHARAZYAN/OWNER. This statement was filed with the County Clerk of Los Angeles County on 05/01/2025.

ES Dates Pub: MAY 3, 10, 17, 24, 2025

FICTITIOUS BUSINESS NAME STATEMENT

File No. 2025085192

The following person(s) is (are) doing business as: SEPIDEH LUXURY CLOSET 5701 YARMOUTH UNIT 209 ENCINO, CA 91316. Full name of registrant(s) is (are) SEPIDEH LUXURY CLOSET, INC. SEPIDEH SOLEIMANPOOR, CEO. This statement was filed with the County Clerk of Los Angeles County on 05/01/2025.

ES Dates Pub: MAY 3, 10, 17, 24, 2025

FICTITIOUS BUSINESS NAME STATEMENT

File No. 2025087760

The following person(s) is (are) doing business as: VINTAGE UPHOLSTERY & MORE 12805 BRIMONT AVE SAN FERNANDO, CA 91340. Full name of registrant(s) is (are) DAVID STEVEN GARCIA. Signed: DAVID STEVEN GARCIA/OWNER.

ES Dates Pub: MAY 3, 10, 17, 24, 2025

STATEMENT OF ABANDONMENT OF USE OF FICTITIOUS BUSINESS NAME

File No. 2025081113

The following person(s) VICTORIANA CHHENG 23241 LANSEN ST UNIT 2 CHATSWORTH, CA 91311 has have abandoned the use of the fictitious business name: CRACKERS & CROISSANTS 14458 VANOWEN ST, VAN NUYS, CA 91405. Signed: VICTORIANA CHHENG/OWNER. Publish: Mountain Views News

ES Dates Pub: MAY 3, 10, 17, 24, 2025
